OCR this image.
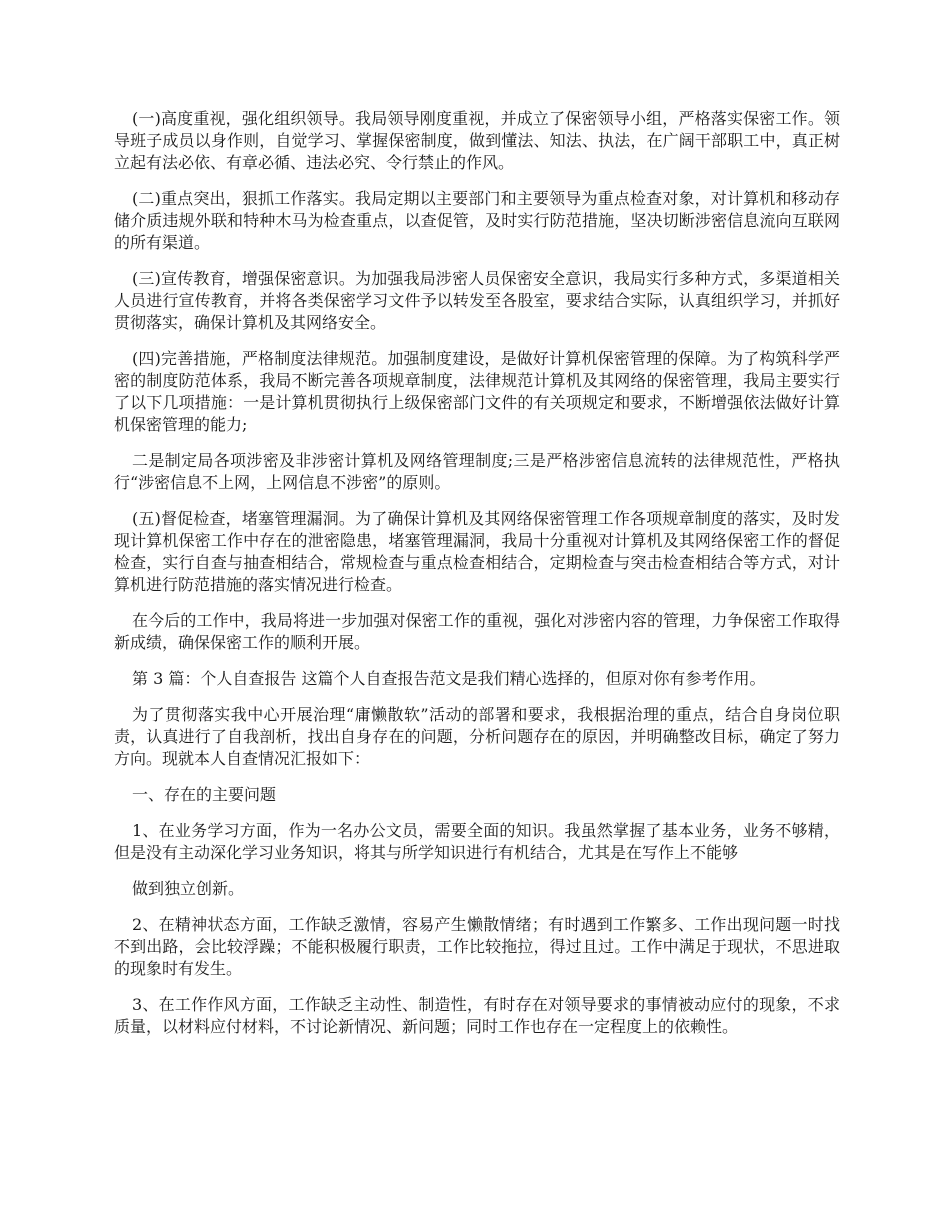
(一)高度重视，强化组织领导。我局领导刚度重视，并成立了保密领导小组，严格落实保密工作。领导班子成员以身作则，自觉学习、掌握保密制度，做到懂法、知法、执法，在广阔干部职工中，真正树立起有法必依、有章必循、违法必究、令行禁止的作风。

(二)重点突出，狠抓工作落实。我局定期以主要部门和主要领导为重点检查对象，对计算机和移动存储介质违规外联和特种木马为检查重点，以查促管，及时实行防范措施，坚决切断涉密信息流向互联网的所有渠道。

(三)宣传教育，增强保密意识。为加强我局涉密人员保密安全意识，我局实行多种方式，多渠道相关人员进行宣传教育，并将各类保密学习文件予以转发至各股室，要求结合实际，认真组织学习，并抓好贯彻落实，确保计算机及其网络安全。

(四)完善措施，严格制度法律规范。加强制度建设，是做好计算机保密管理的保障。为了构筑科学严密的制度防范体系，我局不断完善各项规章制度，法律规范计算机及其网络的保密管理，我局主要实行了以下几项措施：一是计算机贯彻执行上级保密部门文件的有关项规定和要求，不断增强依法做好计算机保密管理的能力;

二是制定局各项涉密及非涉密计算机及网络管理制度;三是严格涉密信息流转的法律规范性，严格执行“涉密信息不上网，上网信息不涉密”的原则。

(五)督促检查，堵塞管理漏洞。为了确保计算机及其网络保密管理工作各项规章制度的落实，及时发现计算机保密工作中存在的泄密隐患，堵塞管理漏洞，我局十分重视对计算机及其网络保密工作的督促检查，实行自查与抽查相结合，常规检查与重点检查相结合，定期检查与突击检查相结合等方式，对计算机进行防范措施的落实情况进行检查。

在今后的工作中，我局将进一步加强对保密工作的重视，强化对涉密内容的管理，力争保密工作取得新成绩，确保保密工作的顺利开展。

第 3 篇：个人自查报告 这篇个人自查报告范文是我们精心选择的，但原对你有参考作用。

为了贯彻落实我中心开展治理“庸懒散软”活动的部署和要求，我根据治理的重点，结合自身岗位职责，认真进行了自我剖析，找出自身存在的问题，分析问题存在的原因，并明确整改目标，确定了努力方向。现就本人自查情况汇报如下：

一、存在的主要问题

1、在业务学习方面，作为一名办公文员，需要全面的知识。我虽然掌握了基本业务，业务不够精，但是没有主动深化学习业务知识，将其与所学知识进行有机结合，尤其是在写作上不能够

做到独立创新。

2、在精神状态方面，工作缺乏激情，容易产生懒散情绪；有时遇到工作繁多、工作出现问题一时找不到出路，会比较浮躁；不能积极履行职责，工作比较拖拉，得过且过。工作中满足于现状，不思进取的现象时有发生。

3、在工作作风方面，工作缺乏主动性、制造性，有时存在对领导要求的事情被动应付的现象，不求质量，以材料应付材料，不讨论新情况、新问题；同时工作也存在一定程度上的依赖性。
